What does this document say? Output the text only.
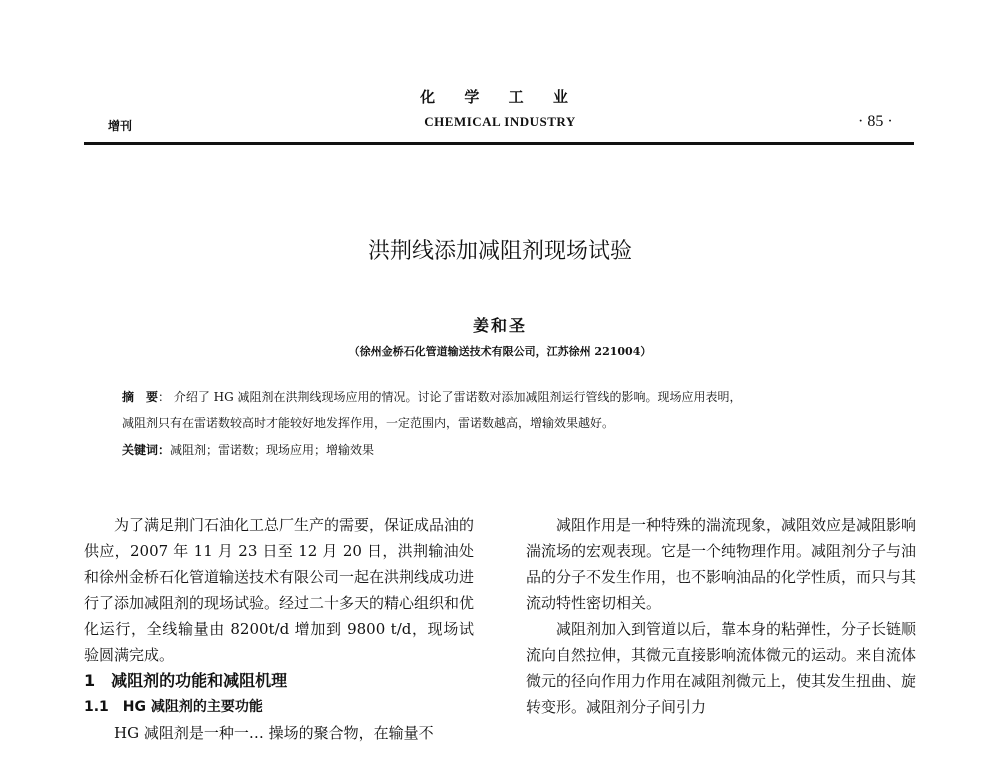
化 学 工 业
CHEMICAL INDUSTRY
增刊	· 85 ·
洪荆线添加减阻剂现场试验
姜和圣
（徐州金桥石化管道输送技术有限公司，江苏徐州 221004）
摘　要： 介绍了 HG 减阻剂在洪荆线现场应用的情况。讨论了雷诺数对添加减阻剂运行管线的影响。现场应用表明，
减阻剂只有在雷诺数较高时才能较好地发挥作用，一定范围内，雷诺数越高，增输效果越好。
关键词：减阻剂；雷诺数；现场应用；增输效果

为了满足荆门石油化工总厂生产的需要，保证成品油的供应，2007 年 11 月 23 日至 12 月 20 日，洪荆输油处和徐州金桥石化管道输送技术有限公司一起在洪荆线成功进行了添加减阻剂的现场试验。经过二十多天的精心组织和优化运行，全线输量由 8200t/d 增加到 9800 t/d，现场试验圆满完成。

1　减阻剂的功能和减阻机理

1.1　HG 减阻剂的主要功能

HG 减阻剂是一种一… 操场的聚合物，在输量不

减阻作用是一种特殊的湍流现象，减阻效应是减阻影响湍流场的宏观表现。它是一个纯物理作用。减阻剂分子与油品的分子不发生作用，也不影响油品的化学性质，而只与其流动特性密切相关。

减阻剂加入到管道以后，靠本身的粘弹性，分子长链顺流向自然拉伸，其微元直接影响流体微元的运动。来自流体微元的径向作用力作用在减阻剂微元上，使其发生扭曲、旋转变形。减阻剂分子间引力
